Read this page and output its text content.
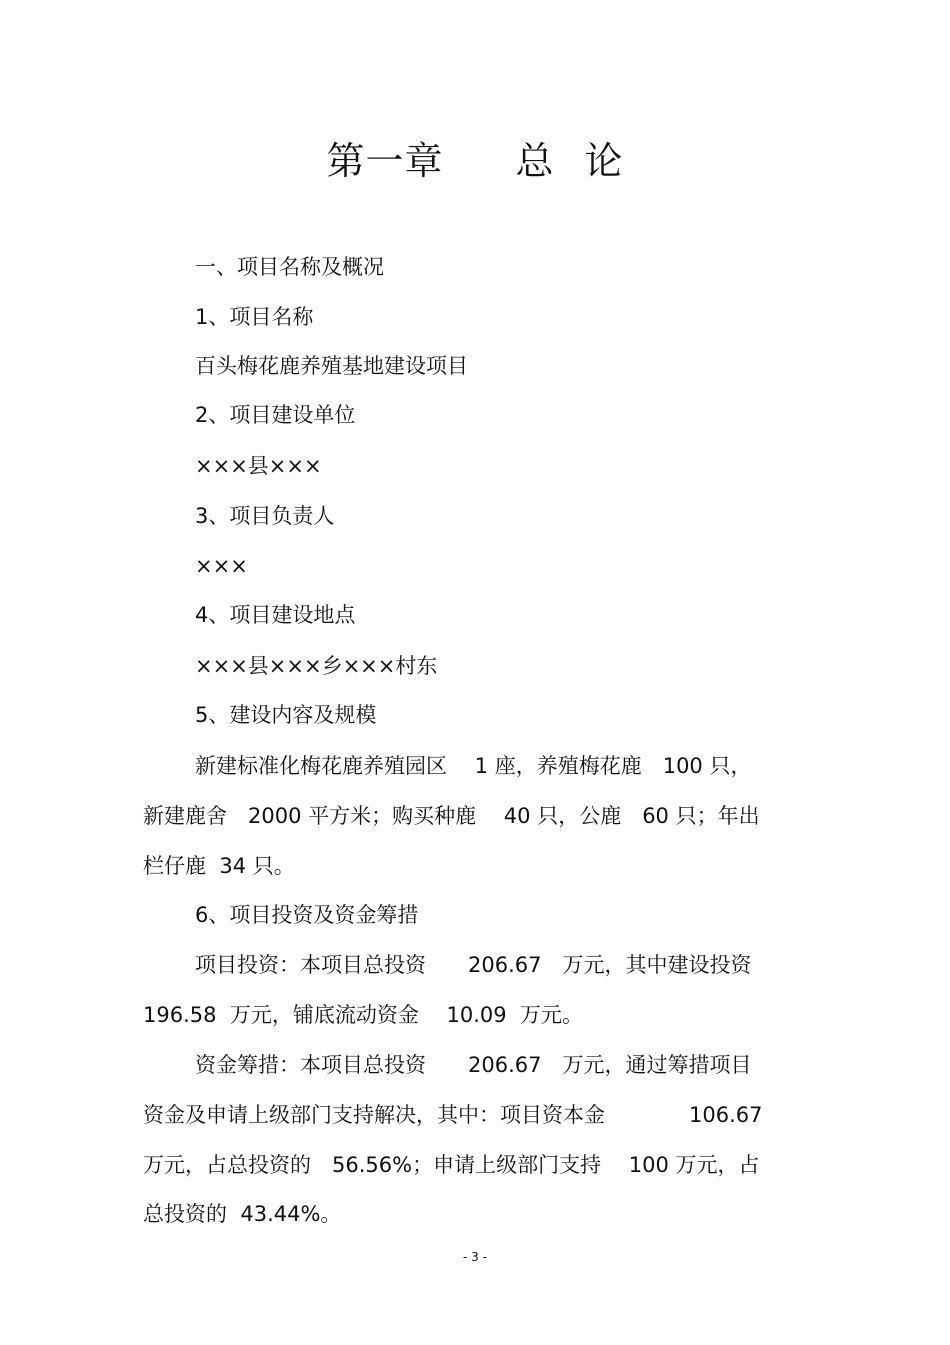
第一章 总 论
一、项目名称及概况
1、项目名称
百头梅花鹿养殖基地建设项目
2、项目建设单位
×××县×××
3、项目负责人
×××
4、项目建设地点
×××县×××乡×××村东
5、建设内容及规模
新建标准化梅花鹿养殖园区　 1 座，养殖梅花鹿　100 只，
新建鹿舍　2000 平方米；购买种鹿　 40 只，公鹿　60 只；年出
栏仔鹿  34 只。
6、项目投资及资金筹措
项目投资：本项目总投资　　206.67　万元，其中建设投资
196.58  万元，铺底流动资金　 10.09  万元。
资金筹措：本项目总投资　　206.67　万元，通过筹措项目
资金及申请上级部门支持解决，其中：项目资本金　　　　106.67
万元，占总投资的　56.56%；申请上级部门支持　 100 万元，占
总投资的  43.44%。
- 3 -
